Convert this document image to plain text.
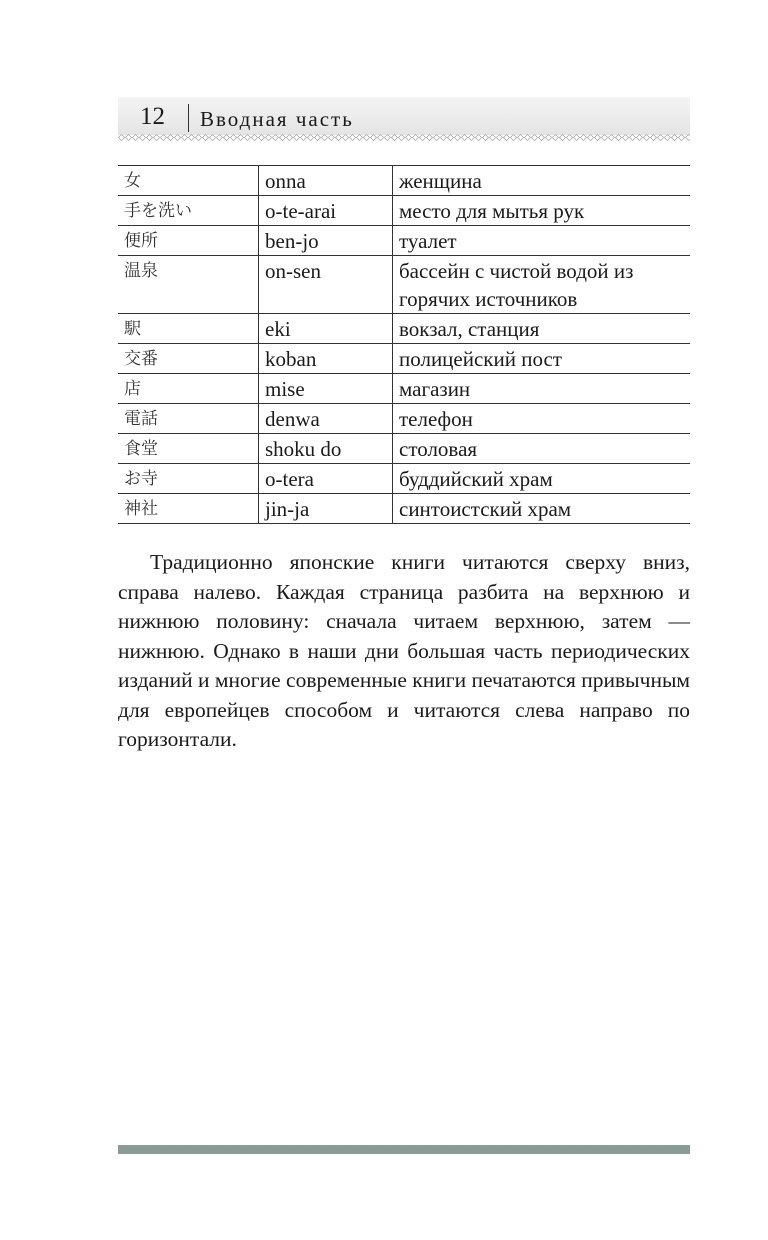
12 Вводная часть
女	onna	женщина
手を洗い	o-te-arai	место для мытья рук
便所	ben-jo	туалет
温泉	on-sen	бассейн с чистой водой из горячих источников
駅	eki	вокзал, станция
交番	koban	полицейский пост
店	mise	магазин
電話	denwa	телефон
食堂	shoku do	столовая
お寺	o-tera	буддийский храм
神社	jin-ja	синтоистский храм

Традиционно японские книги читаются сверху вниз, справа налево. Каждая страница разбита на верхнюю и нижнюю половину: сначала читаем верхнюю, затем — нижнюю. Однако в наши дни большая часть периодических изданий и многие современные книги печатаются привычным для европейцев способом и читаются слева направо по горизонтали.
